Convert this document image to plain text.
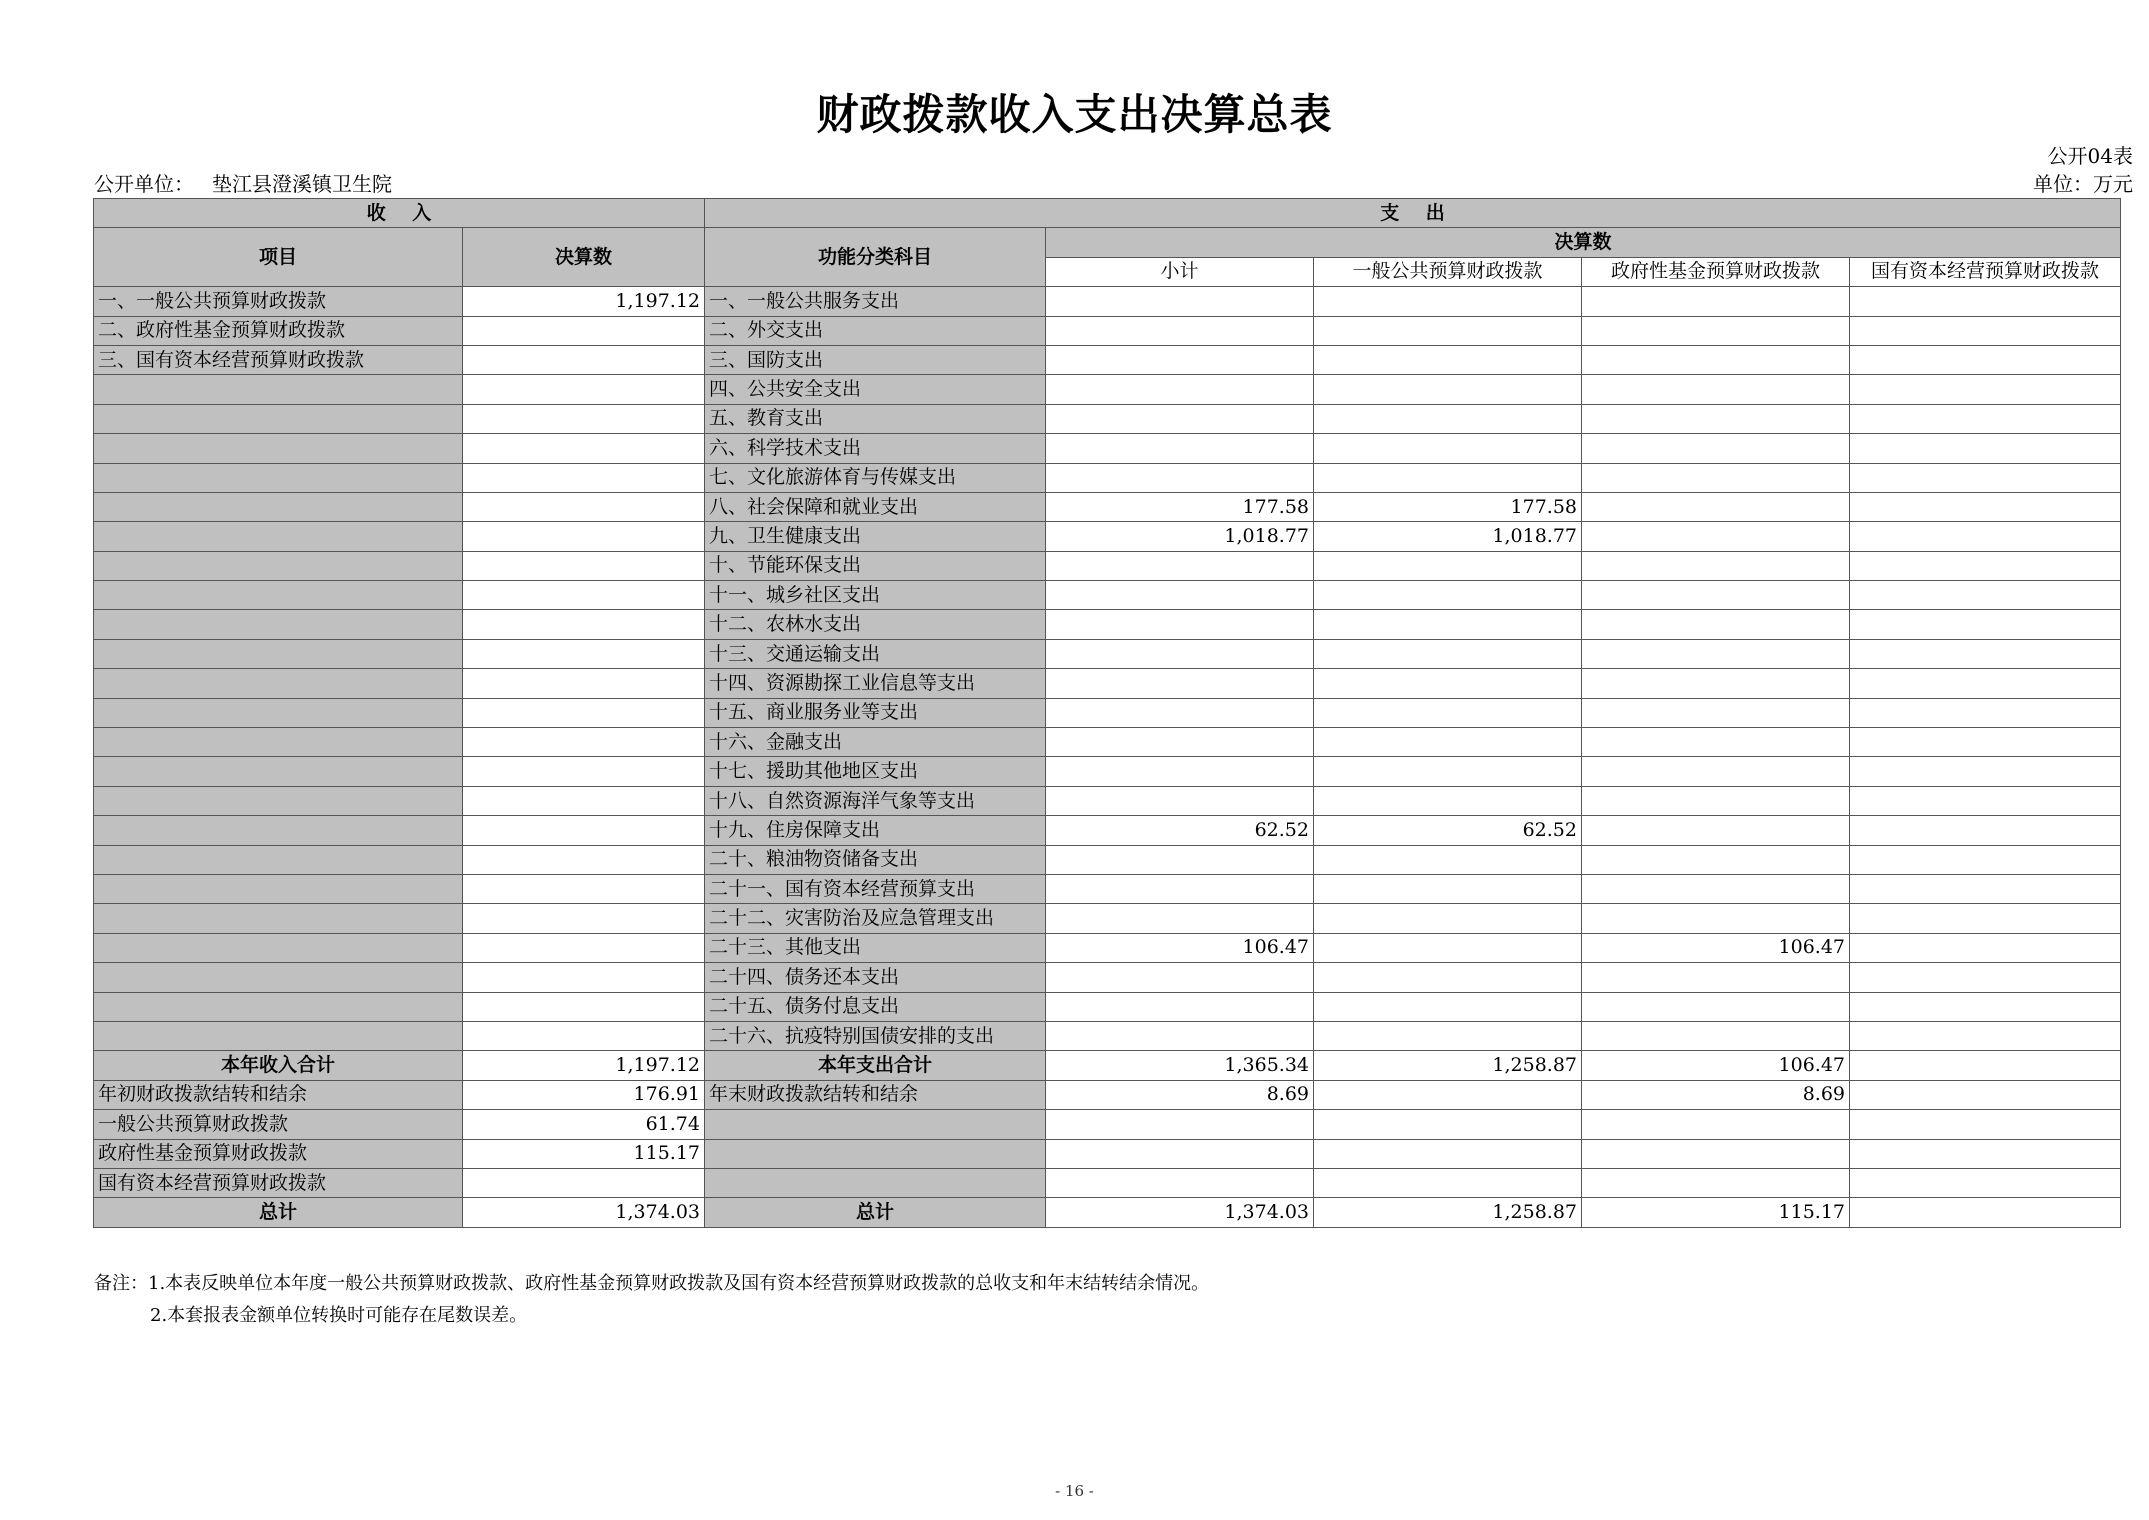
财政拨款收入支出决算总表
公开04表
公开单位： 垫江县澄溪镇卫生院	单位：万元
收    入		支    出				
项目	决算数	功能分类科目	决算数			
			小计	一般公共预算财政拨款	政府性基金预算财政拨款	国有资本经营预算财政拨款
一、一般公共预算财政拨款	1,197.12	一、一般公共服务支出				
二、政府性基金预算财政拨款		二、外交支出				
三、国有资本经营预算财政拨款		三、国防支出				
		四、公共安全支出				
		五、教育支出				
		六、科学技术支出				
		七、文化旅游体育与传媒支出				
		八、社会保障和就业支出	177.58	177.58		
		九、卫生健康支出	1,018.77	1,018.77		
		十、节能环保支出				
		十一、城乡社区支出				
		十二、农林水支出				
		十三、交通运输支出				
		十四、资源勘探工业信息等支出				
		十五、商业服务业等支出				
		十六、金融支出				
		十七、援助其他地区支出				
		十八、自然资源海洋气象等支出				
		十九、住房保障支出	62.52	62.52		
		二十、粮油物资储备支出				
		二十一、国有资本经营预算支出				
		二十二、灾害防治及应急管理支出				
		二十三、其他支出	106.47		106.47	
		二十四、债务还本支出				
		二十五、债务付息支出				
		二十六、抗疫特别国债安排的支出				
本年收入合计	1,197.12	本年支出合计	1,365.34	1,258.87	106.47	
年初财政拨款结转和结余	176.91	年末财政拨款结转和结余	8.69		8.69	
一般公共预算财政拨款	61.74					
政府性基金预算财政拨款	115.17					
国有资本经营预算财政拨款						
总计	1,374.03	总计	1,374.03	1,258.87	115.17	
备注：1.本表反映单位本年度一般公共预算财政拨款、政府性基金预算财政拨款及国有资本经营预算财政拨款的总收支和年末结转结余情况。
2.本套报表金额单位转换时可能存在尾数误差。
- 16 -
